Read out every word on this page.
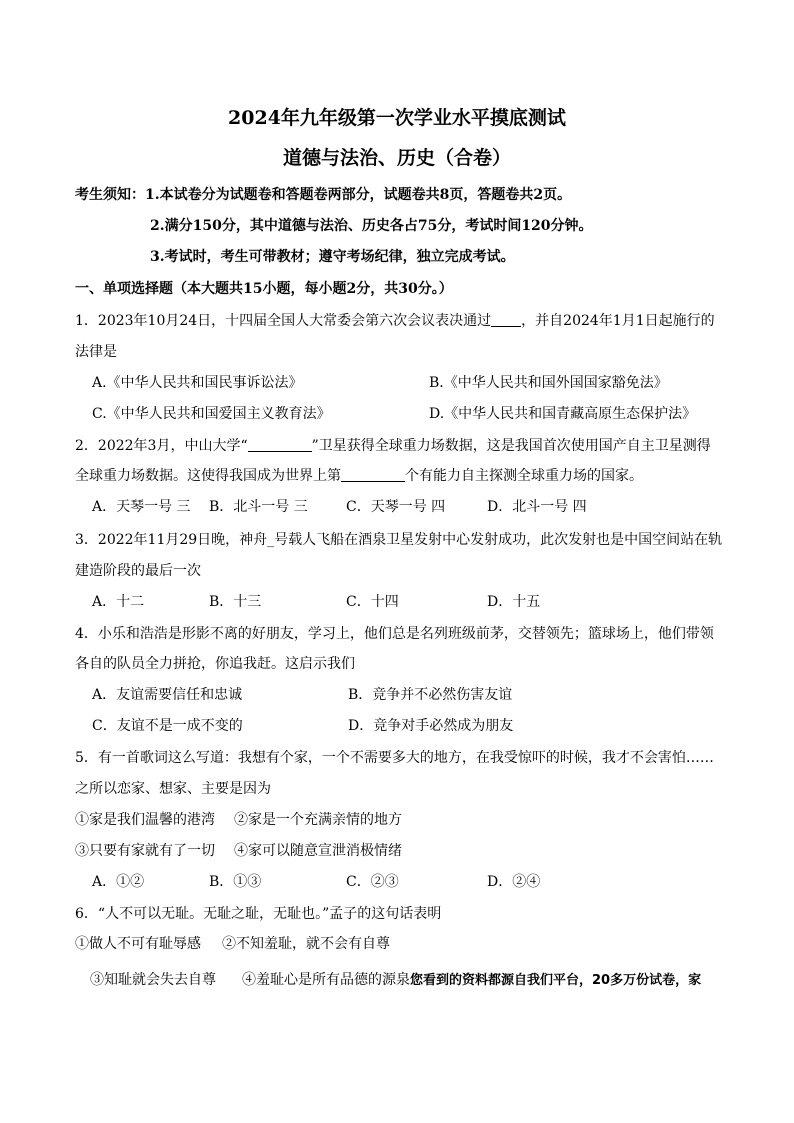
2024年九年级第一次学业水平摸底测试
道德与法治、历史（合卷）
考生须知：1.本试卷分为试题卷和答题卷两部分，试题卷共8页，答题卷共2页。
2.满分150分，其中道德与法治、历史各占75分，考试时间120分钟。
3.考试时，考生可带教材；遵守考场纪律，独立完成考试。
一、单项选择题（本大题共15小题，每小题2分，共30分。）
1．2023年10月24日，十四届全国人大常委会第六次会议表决通过 ，并自2024年1月1日起施行的
法律是
A.《中华人民共和国民事诉讼法》	B.《中华人民共和国外国国家豁免法》
C.《中华人民共和国爱国主义教育法》	D.《中华人民共和国青藏高原生态保护法》
2．2022年3月，中山大学“	”卫星获得全球重力场数据，这是我国首次使用国产自主卫星测得
全球重力场数据。这使得我国成为世界上第	个有能力自主探测全球重力场的国家。
A．天琴一号 三 B．北斗一号 三	C．天琴一号 四	D．北斗一号 四
3．2022年11月29日晚，神舟_号载人飞船在酒泉卫星发射中心发射成功，此次发射也是中国空间站在轨
建造阶段的最后一次
A．十二	B．十三	C．十四	D．十五
4．小乐和浩浩是形影不离的好朋友，学习上，他们总是名列班级前茅，交替领先；篮球场上，他们带领
各自的队员全力拼抢，你追我赶。这启示我们
A．友谊需要信任和忠诚	B．竞争并不必然伤害友谊
C．友谊不是一成不变的	D．竞争对手必然成为朋友
5．有一首歌词这么写道：我想有个家，一个不需要多大的地方，在我受惊吓的时候，我才不会害怕……
之所以恋家、想家、主要是因为
①家是我们温馨的港湾 ②家是一个充满亲情的地方
③只要有家就有了一切 ④家可以随意宣泄消极情绪
A．①②	B．①③	C．②③	D．②④
6．“人不可以无耻。无耻之耻，无耻也。”孟子的这句话表明
①做人不可有耻辱感 ②不知羞耻，就不会有自尊
③知耻就会失去自尊 ④羞耻心是所有品德的源泉您看到的资料都源自我们平台，20多万份试卷，家
